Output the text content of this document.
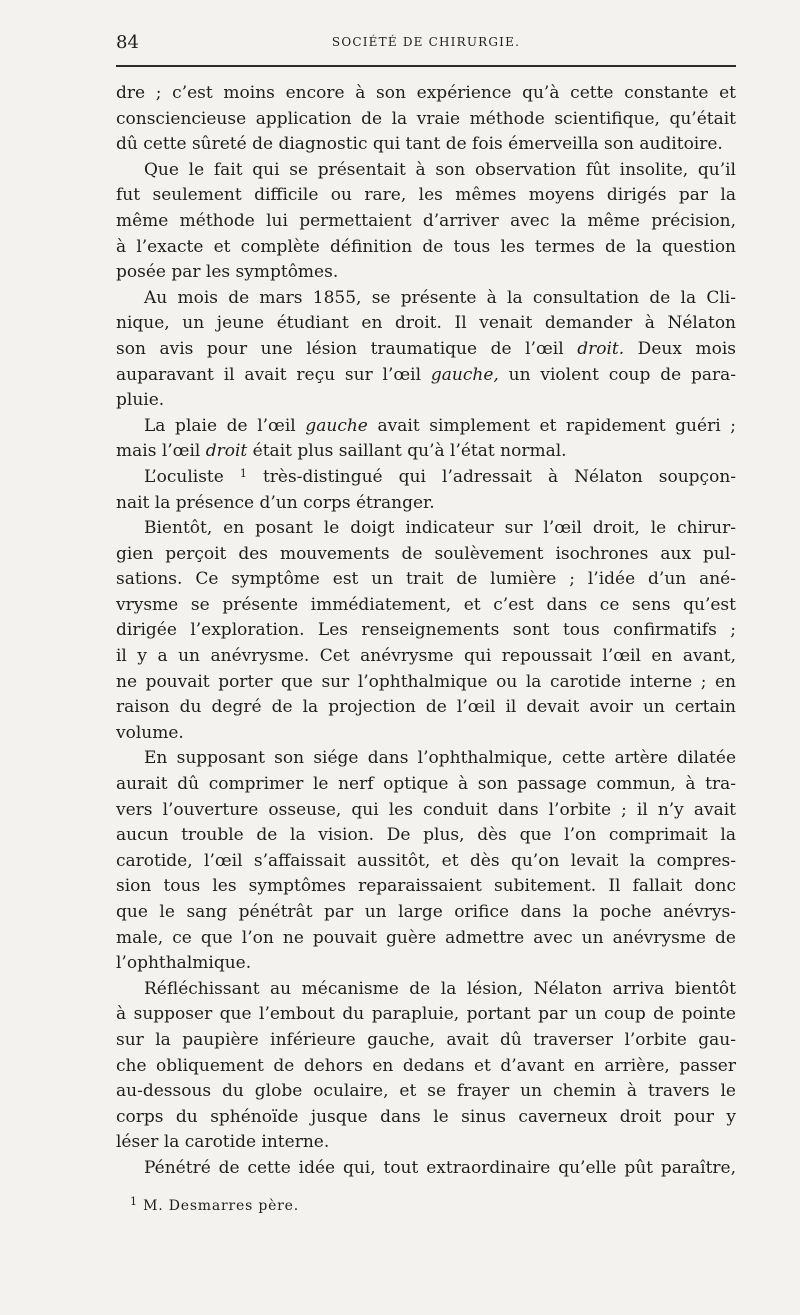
84	SOCIÉTÉ DE CHIRURGIE.
dre ; c’est moins encore à son expérience qu’à cette constante et
consciencieuse application de la vraie méthode scientifique, qu’était
dû cette sûreté de diagnostic qui tant de fois émerveilla son auditoire.
Que le fait qui se présentait à son observation fût insolite, qu’il
fut seulement difficile ou rare, les mêmes moyens dirigés par la
même méthode lui permettaient d’arriver avec la même précision,
à l’exacte et complète définition de tous les termes de la question
posée par les symptômes.
Au mois de mars 1855, se présente à la consultation de la Cli-
nique, un jeune étudiant en droit. Il venait demander à Nélaton
son avis pour une lésion traumatique de l’œil droit. Deux mois
auparavant il avait reçu sur l’œil gauche, un violent coup de para-
pluie.
La plaie de l’œil gauche avait simplement et rapidement guéri ;
mais l’œil droit était plus saillant qu’à l’état normal.
L’oculiste $^1$ très-distingué qui l’adressait à Nélaton soupçon-
nait la présence d’un corps étranger.
Bientôt, en posant le doigt indicateur sur l’œil droit, le chirur-
gien perçoit des mouvements de soulèvement isochrones aux pul-
sations. Ce symptôme est un trait de lumière ; l’idée d’un ané-
vrysme se présente immédiatement, et c’est dans ce sens qu’est
dirigée l’exploration. Les renseignements sont tous confirmatifs ;
il y a un anévrysme. Cet anévrysme qui repoussait l’œil en avant,
ne pouvait porter que sur l’ophthalmique ou la carotide interne ; en
raison du degré de la projection de l’œil il devait avoir un certain
volume.
En supposant son siége dans l’ophthalmique, cette artère dilatée
aurait dû comprimer le nerf optique à son passage commun, à tra-
vers l’ouverture osseuse, qui les conduit dans l’orbite ; il n’y avait
aucun trouble de la vision. De plus, dès que l’on comprimait la
carotide, l’œil s’affaissait aussitôt, et dès qu’on levait la compres-
sion tous les symptômes reparaissaient subitement. Il fallait donc
que le sang pénétrât par un large orifice dans la poche anévrys-
male, ce que l’on ne pouvait guère admettre avec un anévrysme de
l’ophthalmique.
Réfléchissant au mécanisme de la lésion, Nélaton arriva bientôt
à supposer que l’embout du parapluie, portant par un coup de pointe
sur la paupière inférieure gauche, avait dû traverser l’orbite gau-
che obliquement de dehors en dedans et d’avant en arrière, passer
au-dessous du globe oculaire, et se frayer un chemin à travers le
corps du sphénoïde jusque dans le sinus caverneux droit pour y
léser la carotide interne.
Pénétré de cette idée qui, tout extraordinaire qu’elle pût paraître,
$^1$ M. Desmarres père.
